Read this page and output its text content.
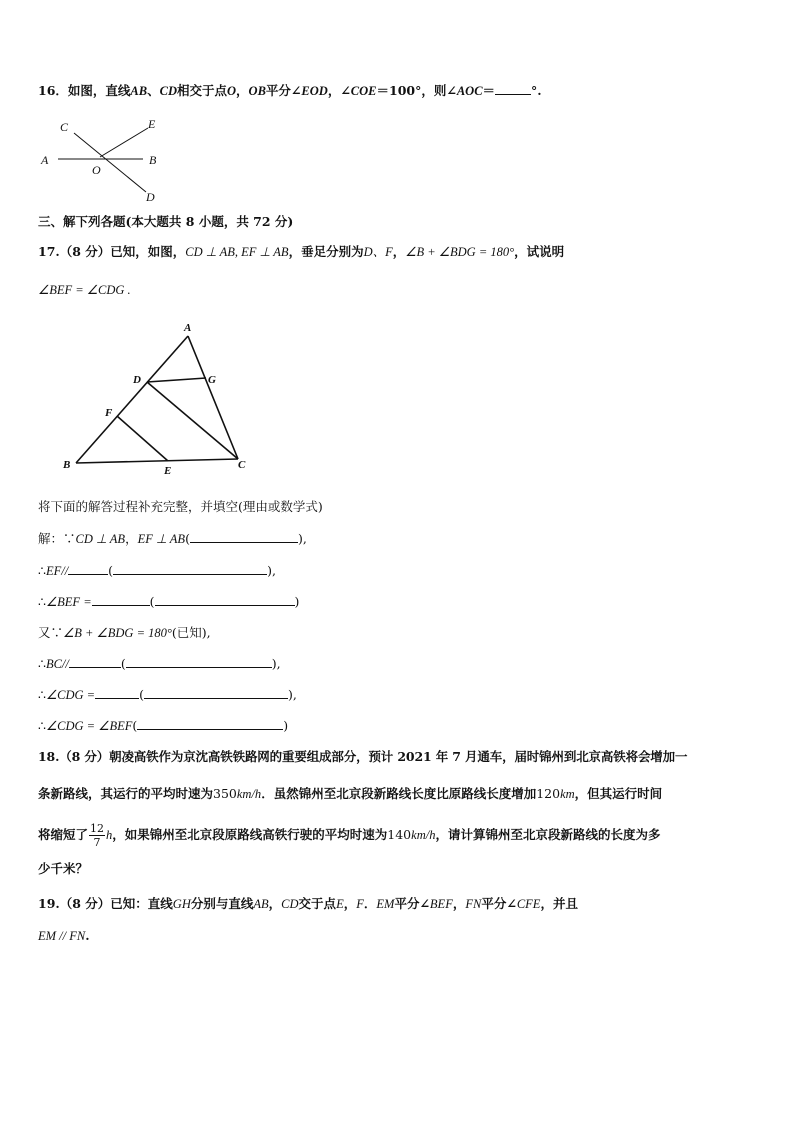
16．如图，直线AB、CD相交于点O，OB平分∠EOD，∠COE＝100°，则∠AOC＝	°.
C	E
A	B
O
D
三、解下列各题(本大题共 8 小题，共 72 分)
17.（8 分）已知，如图，CD ⊥ AB, EF ⊥ AB，垂足分别为D、F，∠B + ∠BDG = 180°，试说明
∠BEF = ∠CDG .
A
D	G
F
B	E	C
将下面的解答过程补充完整，并填空(理由或数学式)
解：∵CD ⊥ AB，EF ⊥ AB(	),
∴EF//	(	),
∴∠BEF =	(	)
又∵∠B + ∠BDG = 180°(已知),
∴BC//	(	),
∴∠CDG =	(	),
∴∠CDG = ∠BEF(	)
18.（8 分）朝凌高铁作为京沈高铁铁路网的重要组成部分，预计 2021 年 7 月通车，届时锦州到北京高铁将会增加一
条新路线，其运行的平均时速为350km/h．虽然锦州至北京段新路线长度比原路线长度增加120km，但其运行时间
将缩短了 $\frac{12}{7}$ h，如果锦州至北京段原路线高铁行驶的平均时速为140km/h，请计算锦州至北京段新路线的长度为多
少千米？
19.（8 分）已知：直线GH分别与直线AB，CD交于点E，F．EM平分∠BEF，FN平分∠CFE，并且
EM // FN.
